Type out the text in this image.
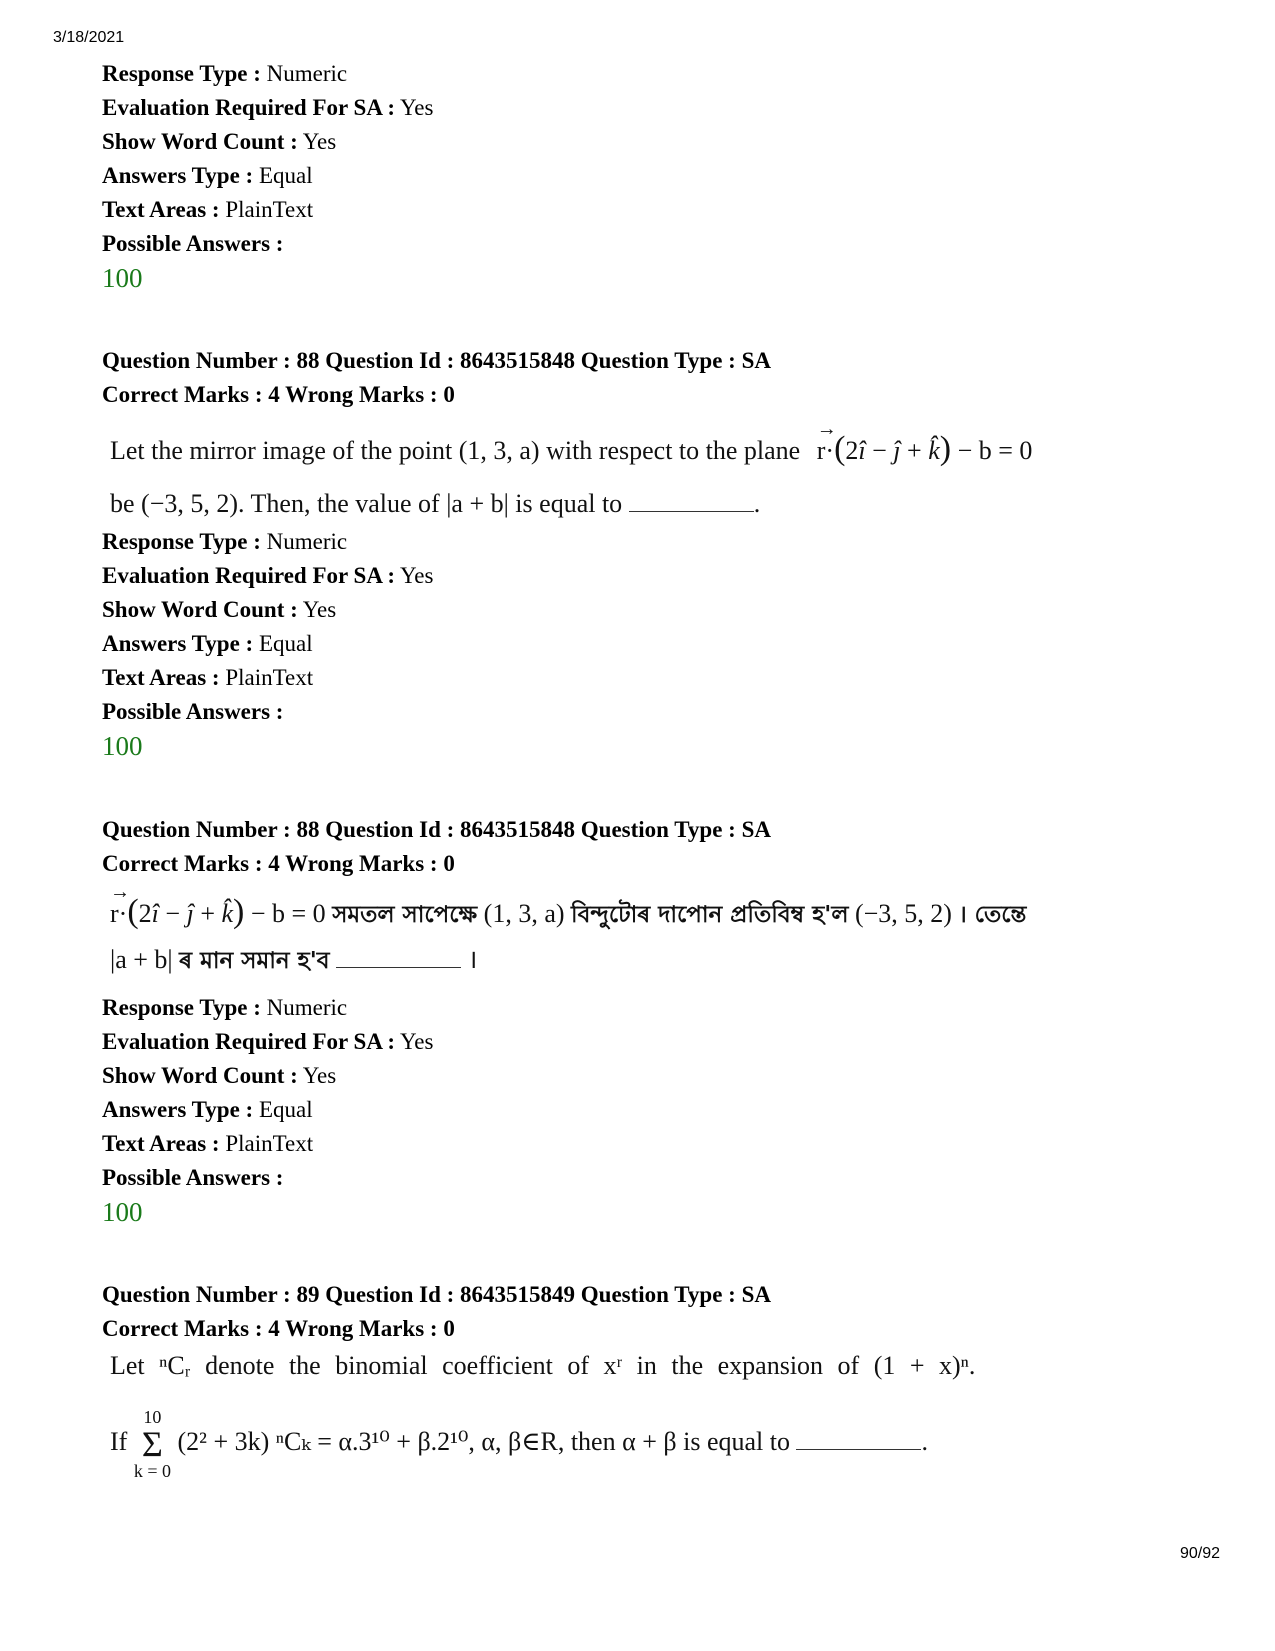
3/18/2021
Response Type : Numeric
Evaluation Required For SA : Yes
Show Word Count : Yes
Answers Type : Equal
Text Areas : PlainText
Possible Answers :
100
Question Number : 88 Question Id : 8643515848 Question Type : SA
Correct Marks : 4 Wrong Marks : 0
Let the mirror image of the point (1, 3, a) with respect to the plane r
→
·(2î − ĵ + k̂) − b = 0
be (−3, 5, 2). Then, the value of |a + b| is equal to	.
Response Type : Numeric
Evaluation Required For SA : Yes
Show Word Count : Yes
Answers Type : Equal
Text Areas : PlainText
Possible Answers :
100
Question Number : 88 Question Id : 8643515848 Question Type : SA
Correct Marks : 4 Wrong Marks : 0
r
→
·(2î − ĵ + k̂) − b = 0 সমতল সাপেক্ষে (1, 3, a) বিন্দুটোৰ দাপোন প্ৰতিবিম্ব হ'ল (−3, 5, 2) । তেন্তে
|a + b| ৰ মান সমান হ'ব	।
Response Type : Numeric
Evaluation Required For SA : Yes
Show Word Count : Yes
Answers Type : Equal
Text Areas : PlainText
Possible Answers :
100
Question Number : 89 Question Id : 8643515849 Question Type : SA
Correct Marks : 4 Wrong Marks : 0
Let ⁿCᵣ denote the binomial coefficient of xʳ in the expansion of (1 + x)ⁿ.
If 10
Σ
k = 0 (2² + 3k) ⁿCₖ = α.3¹⁰ + β.2¹⁰, α, β∈R, then α + β is equal to	.
90/92
